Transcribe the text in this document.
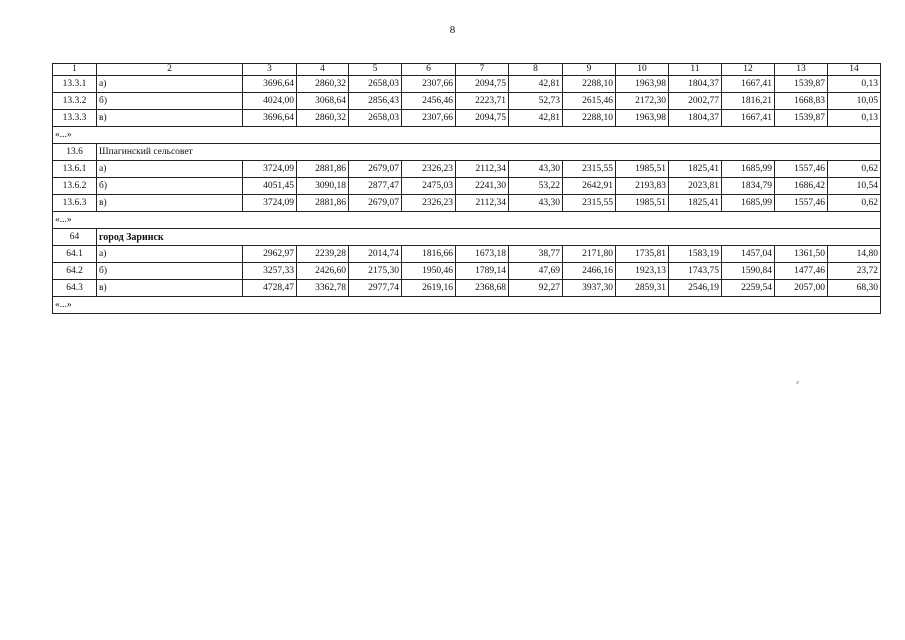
8
1	2	3	4	5	6	7	8	9	10	11	12	13	14
13.3.1	а)	3696,64	2860,32	2658,03	2307,66	2094,75	42,81	2288,10	1963,98	1804,37	1667,41	1539,87	0,13
13.3.2	б)	4024,00	3068,64	2856,43	2456,46	2223,71	52,73	2615,46	2172,30	2002,77	1816,21	1668,83	10,05
13.3.3	в)	3696,64	2860,32	2658,03	2307,66	2094,75	42,81	2288,10	1963,98	1804,37	1667,41	1539,87	0,13
«...»													
13.6	Шпагинский сельсовет												
13.6.1	а)	3724,09	2881,86	2679,07	2326,23	2112,34	43,30	2315,55	1985,51	1825,41	1685,99	1557,46	0,62
13.6.2	б)	4051,45	3090,18	2877,47	2475,03	2241,30	53,22	2642,91	2193,83	2023,81	1834,79	1686,42	10,54
13.6.3	в)	3724,09	2881,86	2679,07	2326,23	2112,34	43,30	2315,55	1985,51	1825,41	1685,99	1557,46	0,62
«...»													
64	город Заринск												
64.1	а)	2962,97	2239,28	2014,74	1816,66	1673,18	38,77	2171,80	1735,81	1583,19	1457,04	1361,50	14,80
64.2	б)	3257,33	2426,60	2175,30	1950,46	1789,14	47,69	2466,16	1923,13	1743,75	1590,84	1477,46	23,72
64.3	в)	4728,47	3362,78	2977,74	2619,16	2368,68	92,27	3937,30	2859,31	2546,19	2259,54	2057,00	68,30
«...»													
